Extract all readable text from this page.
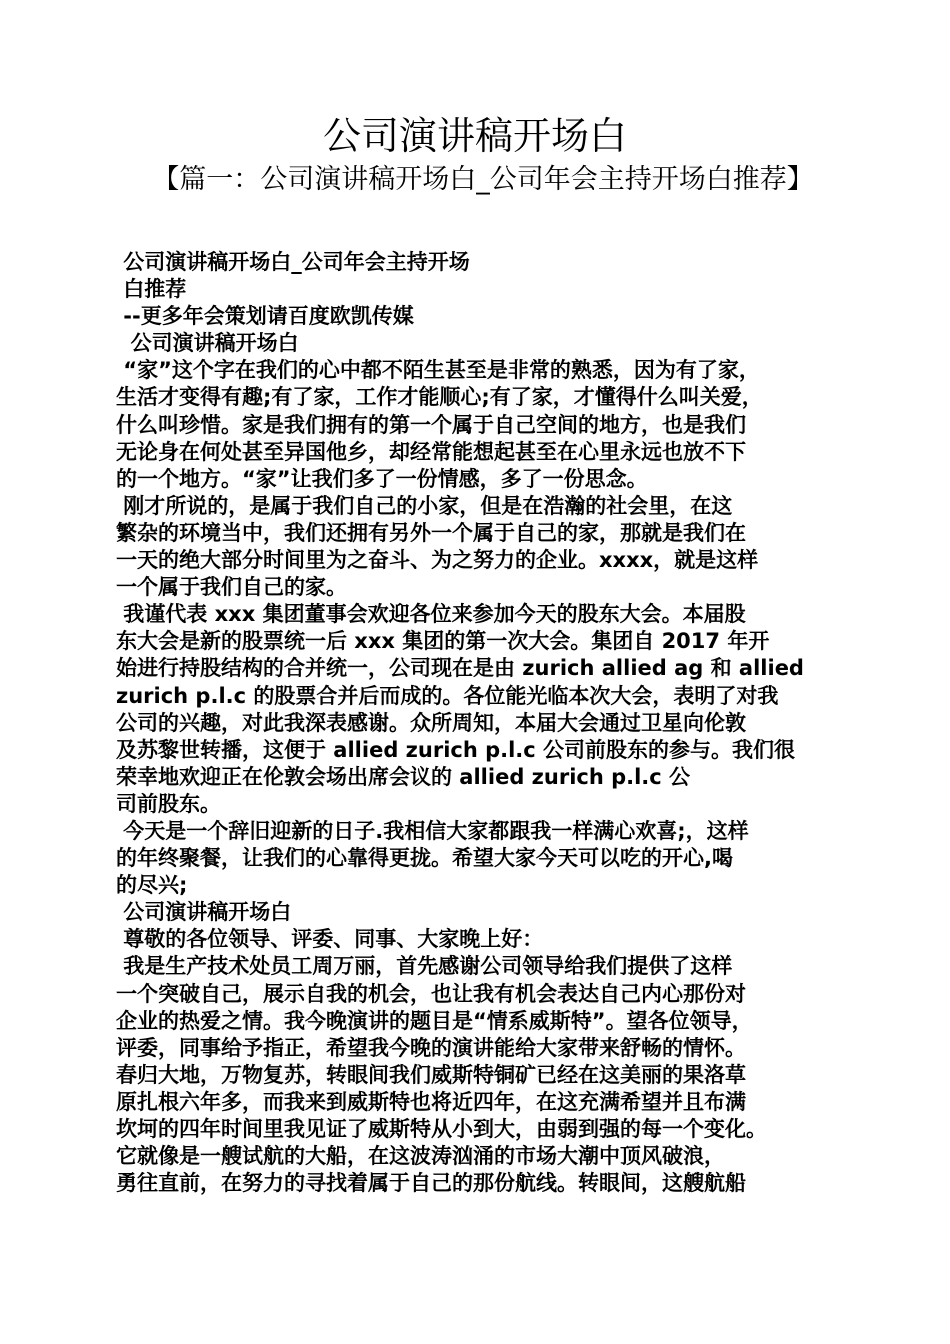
公司演讲稿开场白
【篇一：公司演讲稿开场白_公司年会主持开场白推荐】
公司演讲稿开场白_公司年会主持开场
白推荐
--更多年会策划请百度欧凯传媒
公司演讲稿开场白
“家”这个字在我们的心中都不陌生甚至是非常的熟悉，因为有了家，
生活才变得有趣;有了家，工作才能顺心;有了家，才懂得什么叫关爱，
什么叫珍惜。家是我们拥有的第一个属于自己空间的地方，也是我们
无论身在何处甚至异国他乡，却经常能想起甚至在心里永远也放不下
的一个地方。“家”让我们多了一份情感，多了一份思念。
刚才所说的，是属于我们自己的小家，但是在浩瀚的社会里，在这
繁杂的环境当中，我们还拥有另外一个属于自己的家，那就是我们在
一天的绝大部分时间里为之奋斗、为之努力的企业。xxxx，就是这样
一个属于我们自己的家。
我谨代表 xxx 集团董事会欢迎各位来参加今天的股东大会。本届股
东大会是新的股票统一后 xxx 集团的第一次大会。集团自 2017 年开
始进行持股结构的合并统一，公司现在是由 zurich allied ag 和 allied
zurich p.l.c 的股票合并后而成的。各位能光临本次大会，表明了对我
公司的兴趣，对此我深表感谢。众所周知，本届大会通过卫星向伦敦
及苏黎世转播，这便于 allied zurich p.l.c 公司前股东的参与。我们很
荣幸地欢迎正在伦敦会场出席会议的 allied zurich p.l.c 公
司前股东。
今天是一个辞旧迎新的日子.我相信大家都跟我一样满心欢喜;，这样
的年终聚餐，让我们的心靠得更拢。希望大家今天可以吃的开心,喝
的尽兴;
公司演讲稿开场白
尊敬的各位领导、评委、同事、大家晚上好：
我是生产技术处员工周万丽，首先感谢公司领导给我们提供了这样
一个突破自己，展示自我的机会，也让我有机会表达自己内心那份对
企业的热爱之情。我今晚演讲的题目是“情系威斯特”。望各位领导，
评委，同事给予指正，希望我今晚的演讲能给大家带来舒畅的情怀。
春归大地，万物复苏，转眼间我们威斯特铜矿已经在这美丽的果洛草
原扎根六年多，而我来到威斯特也将近四年，在这充满希望并且布满
坎坷的四年时间里我见证了威斯特从小到大，由弱到强的每一个变化。
它就像是一艘试航的大船，在这波涛汹涌的市场大潮中顶风破浪，
勇往直前，在努力的寻找着属于自己的那份航线。转眼间，这艘航船
